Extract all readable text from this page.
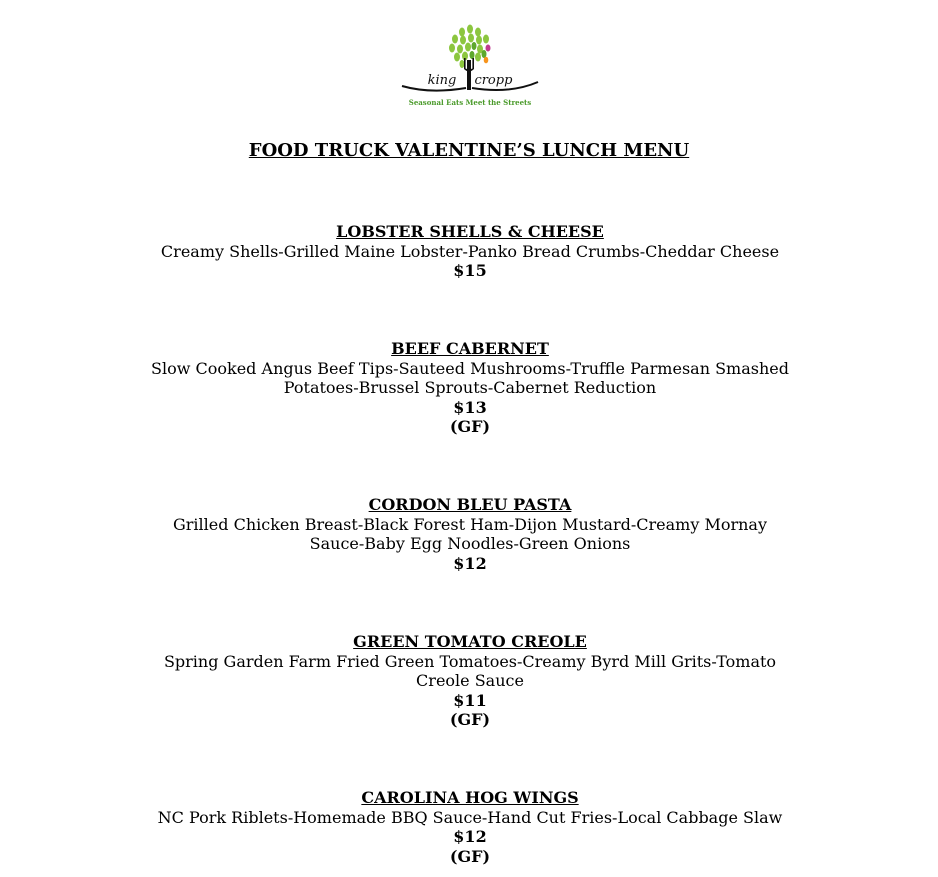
king cropp
Seasonal Eats Meet the Streets
FOOD TRUCK VALENTINE’S LUNCH MENU
LOBSTER SHELLS & CHEESE
Creamy Shells-Grilled Maine Lobster-Panko Bread Crumbs-Cheddar Cheese
$15
BEEF CABERNET
Slow Cooked Angus Beef Tips-Sauteed Mushrooms-Truffle Parmesan Smashed
Potatoes-Brussel Sprouts-Cabernet Reduction
$13
(GF)
CORDON BLEU PASTA
Grilled Chicken Breast-Black Forest Ham-Dijon Mustard-Creamy Mornay
Sauce-Baby Egg Noodles-Green Onions
$12
GREEN TOMATO CREOLE
Spring Garden Farm Fried Green Tomatoes-Creamy Byrd Mill Grits-Tomato
Creole Sauce
$11
(GF)
CAROLINA HOG WINGS
NC Pork Riblets-Homemade BBQ Sauce-Hand Cut Fries-Local Cabbage Slaw
$12
(GF)
